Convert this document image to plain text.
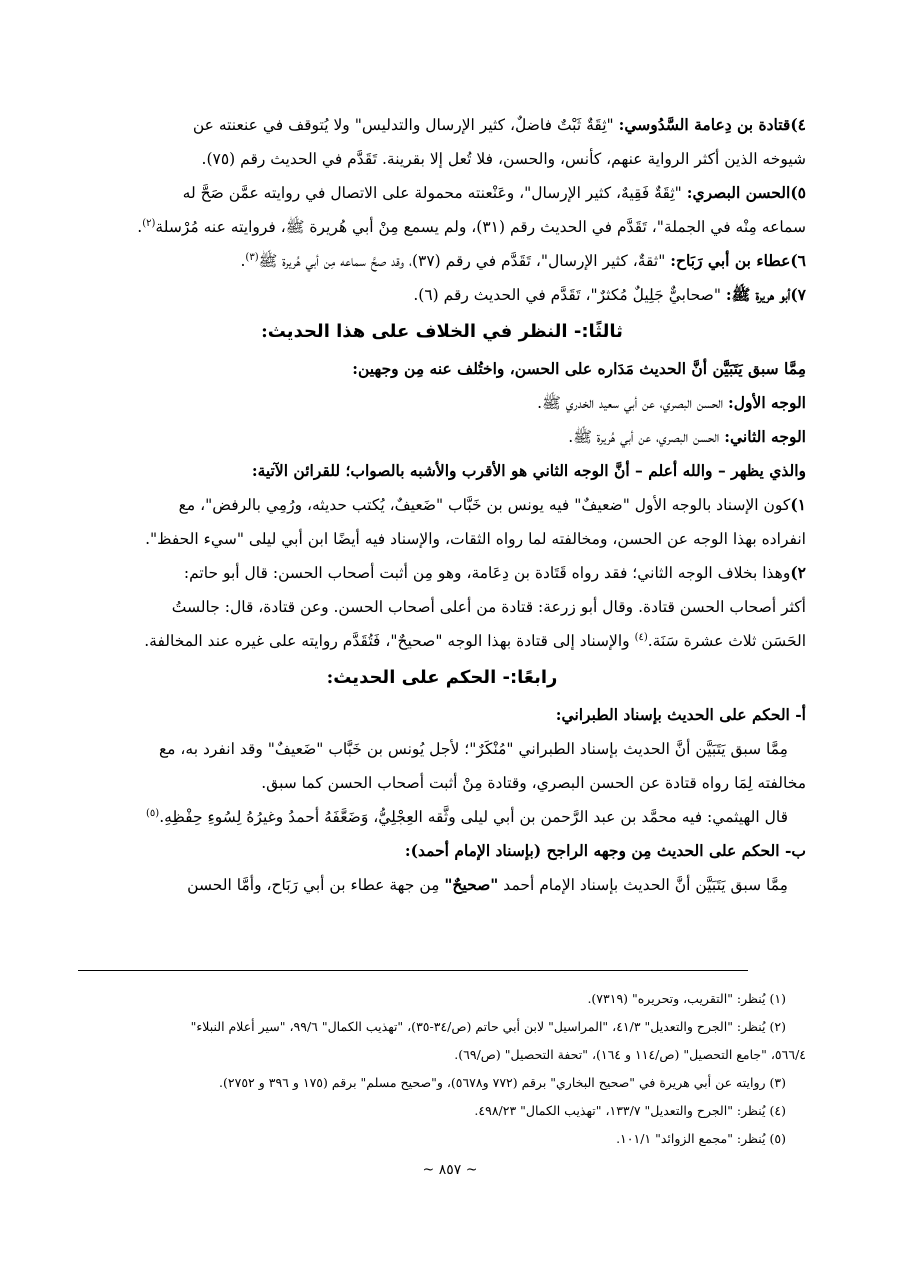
٤)قتادة بن دِعامة السَّدُوسي: "ثِقَةٌ ثَبْتٌ فاضلٌ، كثير الإرسال والتدليس" ولا يُتوقف في عنعنته عن

شيوخه الذين أكثر الرواية عنهم، كأنس، والحسن، فلا تُعل إلا بقرينة. تَقَدَّم في الحديث رقم (٧٥).

٥)الحسن البصري: "ثِقَةٌ فَقِيهٌ، كثير الإرسال"، وعَنْعنته محمولة على الاتصال في روايته عمَّن صَحَّ له

سماعه مِنْه في الجملة"، تَقَدَّم في الحديث رقم (٣١)، ولم يسمع مِنْ أبي هُريرة ﷺ، فروايته عنه مُرْسلة$^{(٢)}$.

٦)عطاء بن أبي رَبَاح: "ثقةٌ، كثير الإرسال"، تَقَدَّم في رقم (٣٧)، وقد صحَّ سماعه مِن أبي هُريرة ﷺ$^{(٣)}$.

٧)أبو هريرة ﷺ: "صحابيٌّ جَلِيلٌ مُكثرٌ"، تَقَدَّم في الحديث رقم (٦).

ثالثًا:- النظر في الخلاف على هذا الحديث:

مِمَّا سبق يَتَبَيَّن أنَّ الحديث مَدَاره على الحسن، واختُلف عنه مِن وجهين:

الوجه الأول: الحسن البصري، عن أبي سعيد الخدري ﷺ.

الوجه الثاني: الحسن البصري، عن أبي هُريرة ﷺ.

والذي يظهر – والله أعلم – أنَّ الوجه الثاني هو الأقرب والأشبه بالصواب؛ للقرائن الآتية:

١)كون الإسناد بالوجه الأول "ضعيفٌ" فيه يونس بن خَبَّاب "ضَعيفٌ، يُكتب حديثه، ورُمِي بالرفض"، مع

انفراده بهذا الوجه عن الحسن، ومخالفته لما رواه الثقات، والإسناد فيه أيضًا ابن أبي ليلى "سيء الحفظ".

٢)وهذا بخلاف الوجه الثاني؛ فقد رواه قَتَادة بن دِعَامة، وهو مِن أثبت أصحاب الحسن: قال أبو حاتم:

أكثر أصحاب الحسن قتادة. وقال أبو زرعة: قتادة من أعلى أصحاب الحسن. وعن قتادة، قال: جالستُ

الحَسَن ثلاث عشرة سَنَة.$^{(٤)}$ والإسناد إلى قتادة بهذا الوجه "صحيحٌ"، فَتُقَدَّم روايته على غيره عند المخالفة.

رابعًا:- الحكم على الحديث:

أ- الحكم على الحديث بإسناد الطبراني:

مِمَّا سبق يَتَبَيَّن أنَّ الحديث بإسناد الطبراني "مُنْكَرٌ"؛ لأجل يُونس بن خَبَّاب "ضَعيفٌ" وقد انفرد به، مع

مخالفته لِمَا رواه قتادة عن الحسن البصري، وقتادة مِنْ أثبت أصحاب الحسن كما سبق.

قال الهيثمي: فيه محمَّد بن عبد الرَّحمن بن أبي ليلى وثَّقه العِجْلِيُّ، وَضَعَّفَهُ أحمدُ وغيرُهُ لِسُوءِ حِفْظِهِ.$^{(٥)}$

ب- الحكم على الحديث مِن وجهه الراجح (بإسناد الإمام أحمد):

مِمَّا سبق يَتَبَيَّن أنَّ الحديث بإسناد الإمام أحمد "صحيحٌ" مِن جهة عطاء بن أبي رَبَاح، وأمَّا الحسن

(١) يُنظر: "التقريب، وتحريره" (٧٣١٩).

(٢) يُنظر: "الجرح والتعديل" ٤١/٣، "المراسيل" لابن أبي حاتم (ص/٣٤-٣٥)، "تهذيب الكمال" ٩٩/٦، "سير أعلام النبلاء"

٥٦٦/٤، "جامع التحصيل" (ص/١١٤ و ١٦٤)، "تحفة التحصيل" (ص/٦٩).

(٣) روايته عن أبي هريرة في "صحيح البخاري" برقم (٧٧٢ و٥٦٧٨)، و"صحيح مسلم" برقم (١٧٥ و ٣٩٦ و ٢٧٥٢).

(٤) يُنظر: "الجرح والتعديل" ١٣٣/٧، "تهذيب الكمال" ٤٩٨/٢٣.

(٥) يُنظر: "مجمع الزوائد" ١٠١/١.

~ ٨٥٧ ~
